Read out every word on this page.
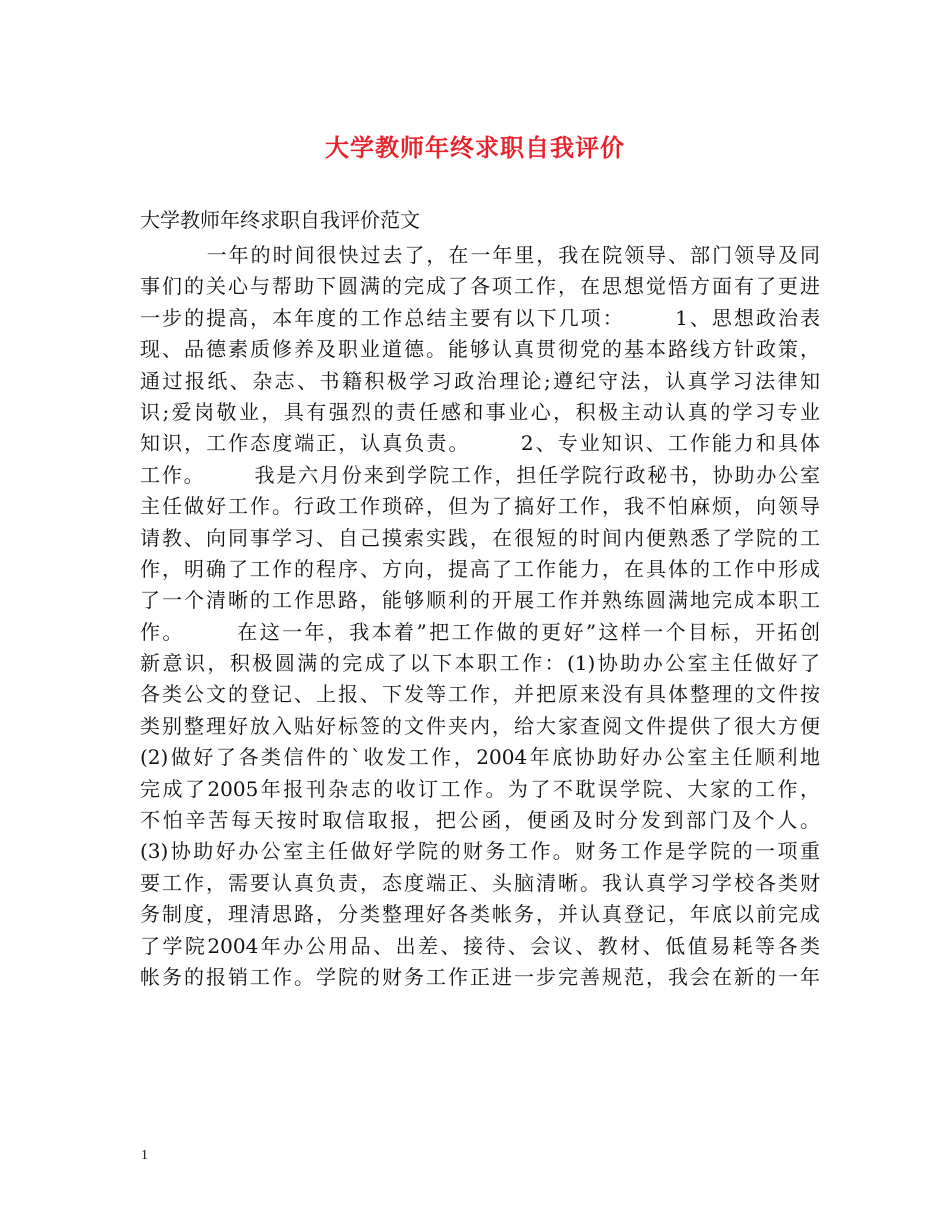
大学教师年终求职自我评价

大学教师年终求职自我评价范文

一年的时间很快过去了，在一年里，我在院领导、部门领导及同
事们的关心与帮助下圆满的完成了各项工作，在思想觉悟方面有了更进
一步的提高，本年度的工作总结主要有以下几项：      1、思想政治表
现、品德素质修养及职业道德。能够认真贯彻党的基本路线方针政策，
通过报纸、杂志、书籍积极学习政治理论;遵纪守法，认真学习法律知
识;爱岗敬业，具有强烈的责任感和事业心，积极主动认真的学习专业
知识，工作态度端正，认真负责。      2、专业知识、工作能力和具体
工作。      我是六月份来到学院工作，担任学院行政秘书，协助办公室
主任做好工作。行政工作琐碎，但为了搞好工作，我不怕麻烦，向领导
请教、向同事学习、自己摸索实践，在很短的时间内便熟悉了学院的工
作，明确了工作的程序、方向，提高了工作能力，在具体的工作中形成
了一个清晰的工作思路，能够顺利的开展工作并熟练圆满地完成本职工
作。      在这一年，我本着”把工作做的更好”这样一个目标，开拓创
新意识，积极圆满的完成了以下本职工作：(1)协助办公室主任做好了
各类公文的登记、上报、下发等工作，并把原来没有具体整理的文件按
类别整理好放入贴好标签的文件夹内，给大家查阅文件提供了很大方便
(2)做好了各类信件的`收发工作，2004年底协助好办公室主任顺利地
完成了2005年报刊杂志的收订工作。为了不耽误学院、大家的工作，
不怕辛苦每天按时取信取报，把公函，便函及时分发到部门及个人。
(3)协助好办公室主任做好学院的财务工作。财务工作是学院的一项重
要工作，需要认真负责，态度端正、头脑清晰。我认真学习学校各类财
务制度，理清思路，分类整理好各类帐务，并认真登记，年底以前完成
了学院2004年办公用品、出差、接待、会议、教材、低值易耗等各类
帐务的报销工作。学院的财务工作正进一步完善规范，我会在新的一年
1
